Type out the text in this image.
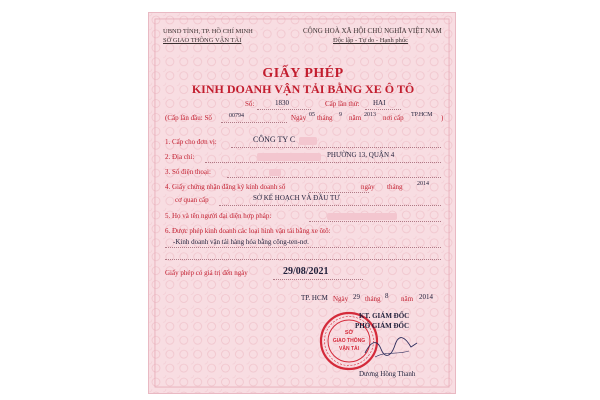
UBND TỈNH, TP. HỒ CHÍ MINH
SỞ GIAO THÔNG VẬN TẢI
CỘNG HOÀ XÃ HỘI CHỦ NGHĨA VIỆT NAM
Độc lập - Tự do - Hạnh phúc
GIẤY PHÉP
KINH DOANH VẬN TẢI BẰNG XE Ô TÔ
Số:	1830	Cấp lần thứ: HAI
(Cấp lần đầu: Số	00794	Ngày 05 tháng 9 năm 2013 nơi cấp TP.HCM )
1. Cấp cho đơn vị:	CÔNG TY C
2. Địa chỉ:	PHƯỜNG 13, QUẬN 4
3. Số điện thoại:
4. Giấy chứng nhận đăng ký kinh doanh số	ngày tháng 2014
cơ quan cấp	SỞ KẾ HOẠCH VÀ ĐẦU TƯ
5. Họ và tên người đại diện hợp pháp:
6. Được phép kinh doanh các loại hình vận tải bằng xe ôtô:
-Kinh doanh vận tải hàng hóa bằng công-ten-nơ.
Giấy phép có giá trị đến ngày	29/08/2021
TP. HCM Ngày 29 tháng 8 năm 2014
SỞ
GIAO THÔNG
VẬN TẢI
KT. GIÁM ĐỐC
PHÓ GIÁM ĐỐC
Dương Hồng Thanh
